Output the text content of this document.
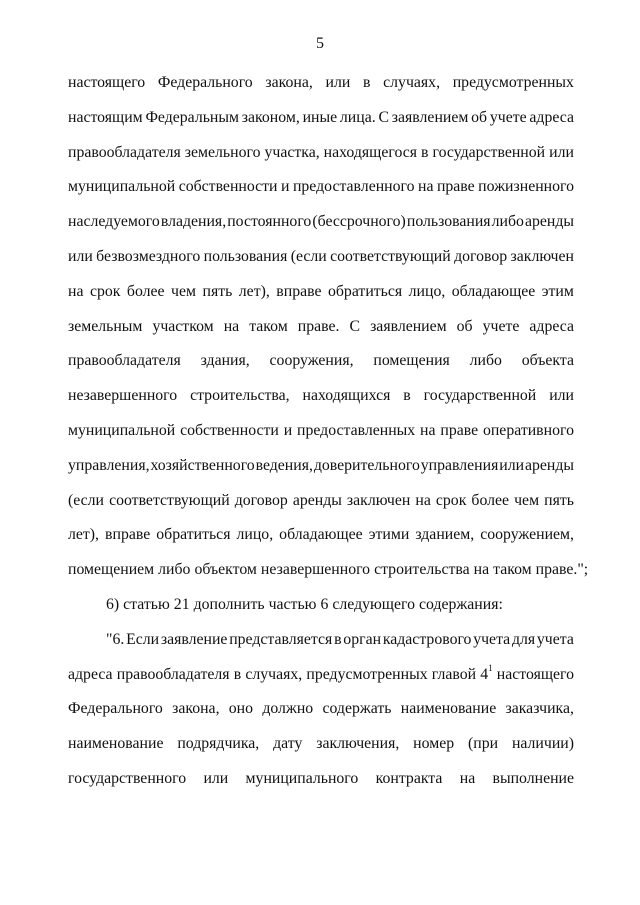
5
настоящего Федерального закона, или в случаях, предусмотренных
настоящим Федеральным законом, иные лица. С заявлением об учете адреса
правообладателя земельного участка, находящегося в государственной или
муниципальной собственности и предоставленного на праве пожизненного
наследуемого владения, постоянного (бессрочного) пользования либо аренды
или безвозмездного пользования (если соответствующий договор заключен
на срок более чем пять лет), вправе обратиться лицо, обладающее этим
земельным участком на таком праве. С заявлением об учете адреса
правообладателя здания, сооружения, помещения либо объекта
незавершенного строительства, находящихся в государственной или
муниципальной собственности и предоставленных на праве оперативного
управления, хозяйственного ведения, доверительного управления или аренды
(если соответствующий договор аренды заключен на срок более чем пять
лет), вправе обратиться лицо, обладающее этими зданием, сооружением,
помещением либо объектом незавершенного строительства на таком праве.";
6) статью 21 дополнить частью 6 следующего содержания:
"6. Если заявление представляется в орган кадастрового учета для учета
адреса правообладателя в случаях, предусмотренных главой $4^1$ настоящего
Федерального закона, оно должно содержать наименование заказчика,
наименование подрядчика, дату заключения, номер (при наличии)
государственного или муниципального контракта на выполнение
